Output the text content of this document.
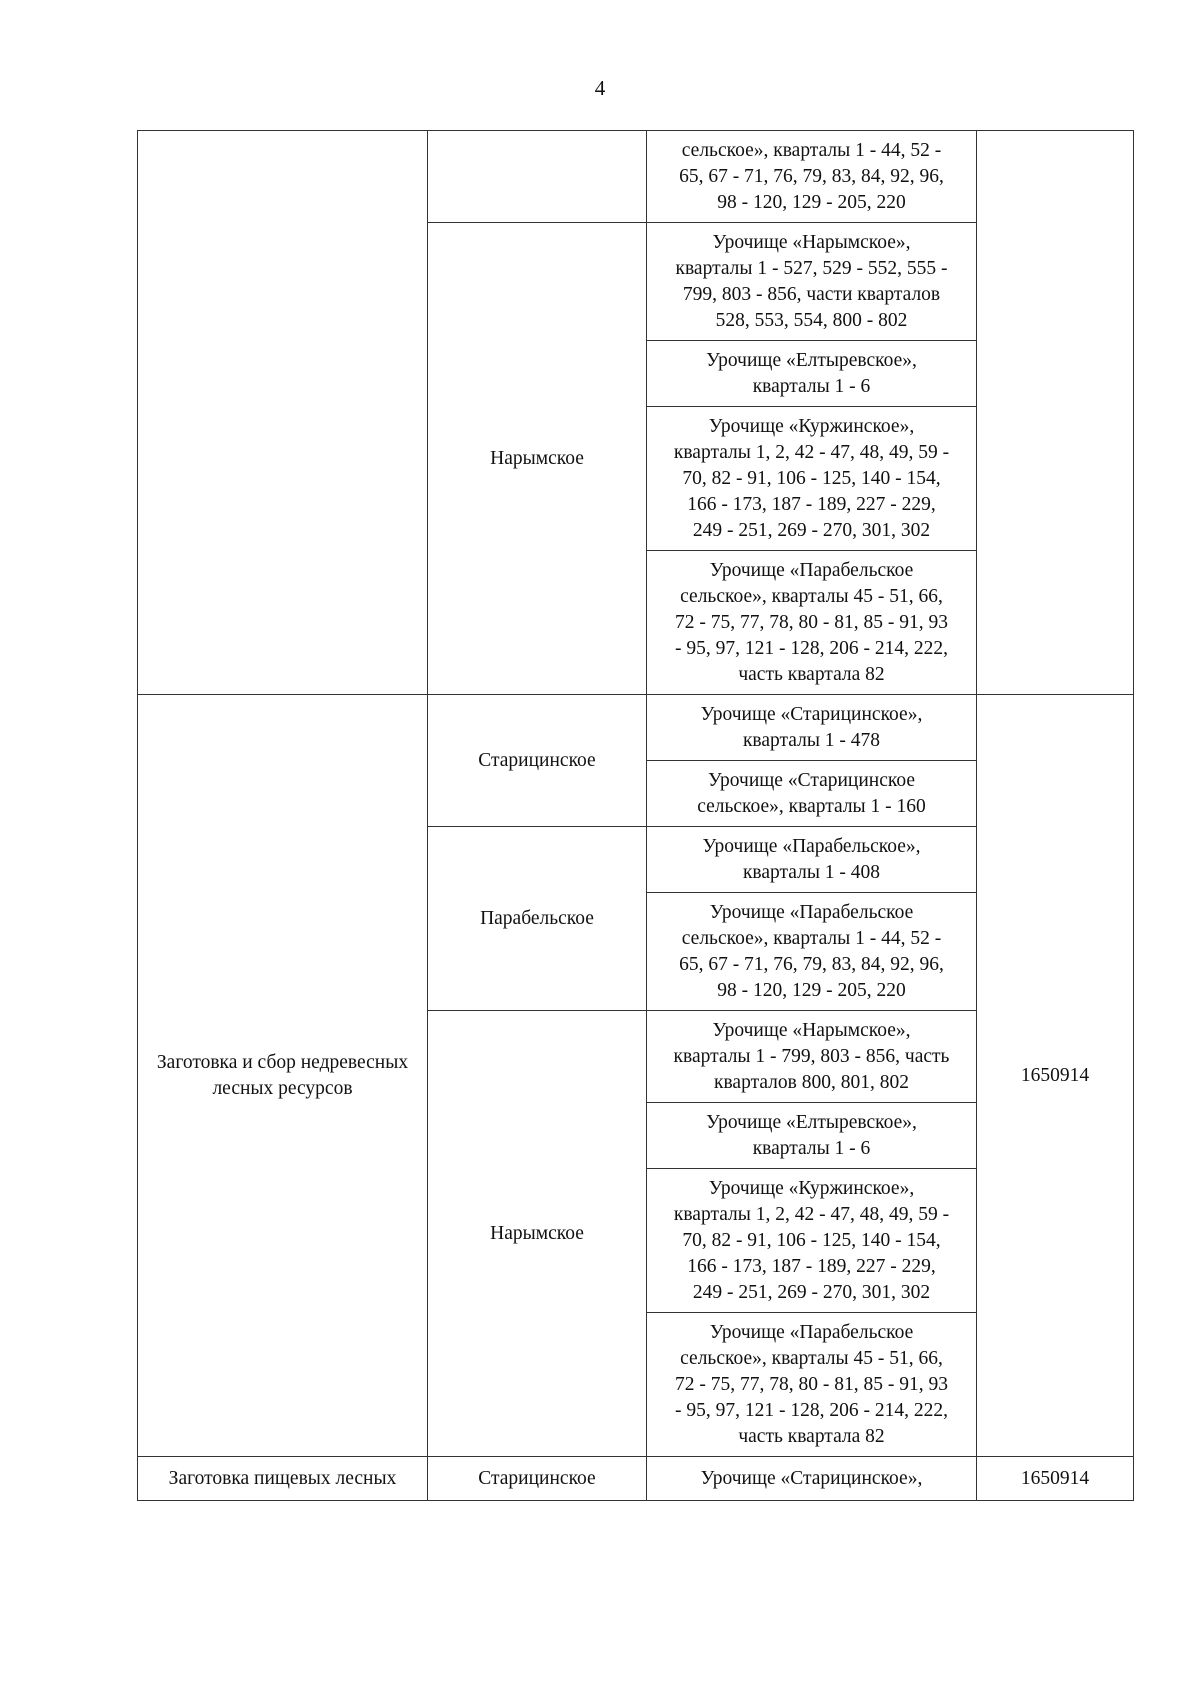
4

		сельское», кварталы 1 - 44, 52 -
65, 67 - 71, 76, 79, 83, 84, 92, 96,
98 - 120, 129 - 205, 220	

	Нарымское	Урочище «Нарымское»,
кварталы 1 - 527, 529 - 552, 555 -
799, 803 - 856, части кварталов
528, 553, 554, 800 - 802	

		Урочище «Елтыревское»,
кварталы 1 - 6	

		Урочище «Куржинское»,
кварталы 1, 2, 42 - 47, 48, 49, 59 -
70, 82 - 91, 106 - 125, 140 - 154,
166 - 173, 187 - 189, 227 - 229,
249 - 251, 269 - 270, 301, 302	

		Урочище «Парабельское
сельское», кварталы 45 - 51, 66,
72 - 75, 77, 78, 80 - 81, 85 - 91, 93
- 95, 97, 121 - 128, 206 - 214, 222,
часть квартала 82	

Заготовка и сбор недревесных лесных ресурсов	Старицинское	Урочище «Старицинское»,
кварталы 1 - 478	1650914

		Урочище «Старицинское
сельское», кварталы 1 - 160	

	Парабельское	Урочище «Парабельское»,
кварталы 1 - 408	

		Урочище «Парабельское
сельское», кварталы 1 - 44, 52 -
65, 67 - 71, 76, 79, 83, 84, 92, 96,
98 - 120, 129 - 205, 220	

	Нарымское	Урочище «Нарымское»,
кварталы 1 - 799, 803 - 856, часть
кварталов 800, 801, 802	

		Урочище «Елтыревское»,
кварталы 1 - 6	

		Урочище «Куржинское»,
кварталы 1, 2, 42 - 47, 48, 49, 59 -
70, 82 - 91, 106 - 125, 140 - 154,
166 - 173, 187 - 189, 227 - 229,
249 - 251, 269 - 270, 301, 302	

		Урочище «Парабельское
сельское», кварталы 45 - 51, 66,
72 - 75, 77, 78, 80 - 81, 85 - 91, 93
- 95, 97, 121 - 128, 206 - 214, 222,
часть квартала 82	

Заготовка пищевых лесных	Старицинское	Урочище «Старицинское»,	1650914
